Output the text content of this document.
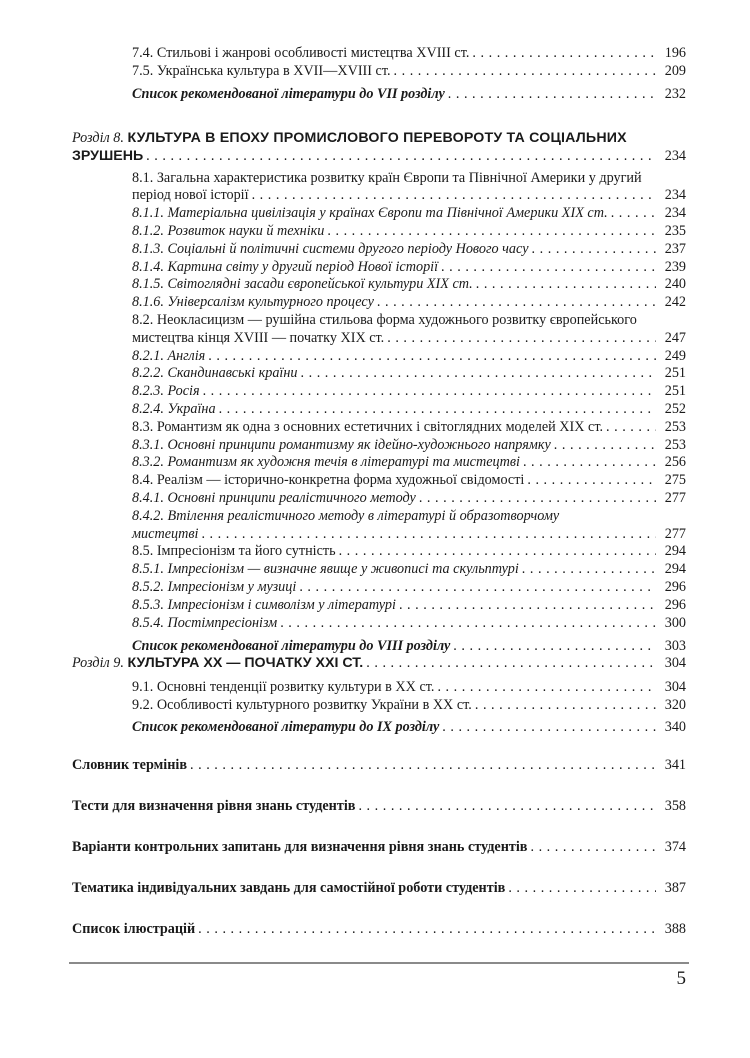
7.4. Стильові і жанрові особливості мистецтва XVIII ст. . . .	196
7.5. Українська культура в XVII—XVIII ст. . . .	209
Список рекомендованої літератури до VII розділу . . .	232
Розділ 8. КУЛЬТУРА В ЕПОХУ ПРОМИСЛОВОГО ПЕРЕВОРОТУ ТА СОЦІАЛЬНИХ
ЗРУШЕНЬ . . .	234
8.1. Загальна характеристика розвитку країн Європи та Північної Америки у другий
період нової історії . . .	234
8.1.1. Матеріальна цивілізація у країнах Європи та Північної Америки XIX ст. . . .	234
8.1.2. Розвиток науки й техніки . . .	235
8.1.3. Соціальні й політичні системи другого періоду Нового часу . . .	237
8.1.4. Картина світу у другий період Нової історії . . .	239
8.1.5. Світоглядні засади європейської культури XIX ст. . . .	240
8.1.6. Універсалізм культурного процесу . . .	242
8.2. Неокласицизм — рушійна стильова форма художнього розвитку європейського
мистецтва кінця XVIII — початку XIX ст. . . .	247
8.2.1. Англія . . .	249
8.2.2. Скандинавські країни . . .	251
8.2.3. Росія . . .	251
8.2.4. Україна . . .	252
8.3. Романтизм як одна з основних естетичних і світоглядних моделей XIX ст. . . .	253
8.3.1. Основні принципи романтизму як ідейно-художнього напрямку . . .	253
8.3.2. Романтизм як художня течія в літературі та мистецтві . . .	256
8.4. Реалізм — історично-конкретна форма художньої свідомості . . .	275
8.4.1. Основні принципи реалістичного методу . . .	277
8.4.2. Втілення реалістичного методу в літературі й образотворчому
мистецтві . . .	277
8.5. Імпресіонізм та його сутність . . .	294
8.5.1. Імпресіонізм — визначне явище у живописі та скульптурі . . .	294
8.5.2. Імпресіонізм у музиці . . .	296
8.5.3. Імпресіонізм і символізм у літературі . . .	296
8.5.4. Постімпресіонізм . . .	300
Список рекомендованої літератури до VIII розділу . . .	303
Розділ 9. КУЛЬТУРА XX — ПОЧАТКУ XXI СТ. . . .	304
9.1. Основні тенденції розвитку культури в XX ст. . . .	304
9.2. Особливості культурного розвитку України в XX ст. . . .	320
Список рекомендованої літератури до IX розділу . . .	340
Словник термінів . . .	341
Тести для визначення рівня знань студентів . . .	358
Варіанти контрольних запитань для визначення рівня знань студентів . . .	374
Тематика індивідуальних завдань для самостійної роботи студентів . . .	387
Список ілюстрацій . . .	388
5
